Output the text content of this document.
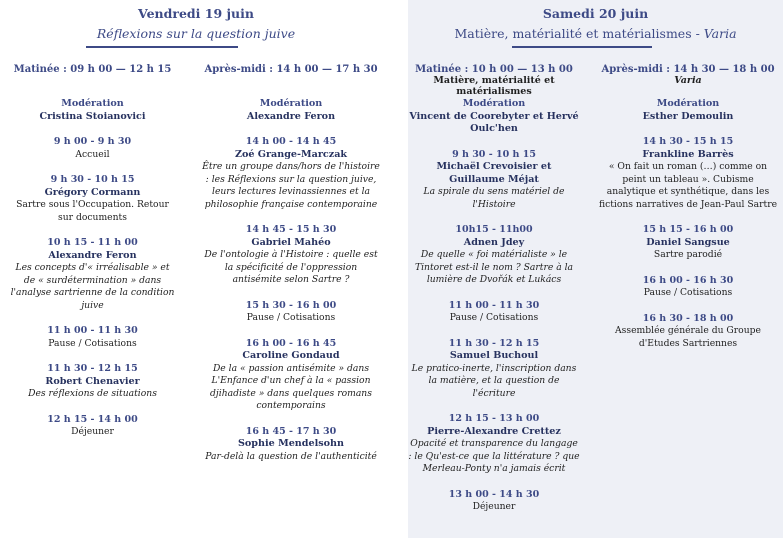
Vendredi 19 juin
Réflexions sur la question juive
Matinée : 09 h 00 — 12 h 15
Modération
Cristina Stoianovici
9 h 00 - 9 h 30
Accueil
9 h 30 - 10 h 15
Grégory Cormann
Sartre sous l'Occupation. Retour sur documents
10 h 15 - 11 h 00
Alexandre Feron
Les concepts d'« irréalisable » et de « surdétermination » dans l'analyse sartrienne de la condition juive
11 h 00 - 11 h 30
Pause / Cotisations
11 h 30 - 12 h 15
Robert Chenavier
Des réflexions de situations
12 h 15 - 14 h 00
Déjeuner
Après-midi : 14 h 00 — 17 h 30
Modération
Alexandre Feron
14 h 00 - 14 h 45
Zoé Grange-Marczak
Être un groupe dans/hors de l'histoire : les Réflexions sur la question juive, leurs lectures levinassiennes et la philosophie française contemporaine
14 h 45 - 15 h 30
Gabriel Mahéo
De l'ontologie à l'Histoire : quelle est la spécificité de l'oppression antisémite selon Sartre ?
15 h 30 - 16 h 00
Pause / Cotisations
16 h 00 - 16 h 45
Caroline Gondaud
De la « passion antisémite » dans L'Enfance d'un chef à la « passion djihadiste » dans quelques romans contemporains
16 h 45 - 17 h 30
Sophie Mendelsohn
Par-delà la question de l'authenticité
Samedi 20 juin
Matière, matérialité et matérialismes - Varia
Matinée : 10 h 00 — 13 h 00
Matière, matérialité et matérialismes
Modération
Vincent de Coorebyter et Hervé Oulc'hen
9 h 30 - 10 h 15
Michaël Crevoisier et Guillaume Méjat
La spirale du sens matériel de l'Histoire
10h15 - 11h00
Adnen Jdey
De quelle « foi matérialiste » le Tintoret est-il le nom ? Sartre à la lumière de Dvořák et Lukács
11 h 00 - 11 h 30
Pause / Cotisations
11 h 30 - 12 h 15
Samuel Buchoul
Le pratico-inerte, l'inscription dans la matière, et la question de l'écriture
12 h 15 - 13 h 00
Pierre-Alexandre Crettez
Opacité et transparence du langage : le Qu'est-ce que la littérature ? que Merleau-Ponty n'a jamais écrit
13 h 00 - 14 h 30
Déjeuner
Après-midi : 14 h 30 — 18 h 00
Varia
Modération
Esther Demoulin
14 h 30 - 15 h 15
Frankline Barrès
« On fait un roman (…) comme on peint un tableau ». Cubisme analytique et synthétique, dans les fictions narratives de Jean-Paul Sartre
15 h 15 - 16 h 00
Daniel Sangsue
Sartre parodié
16 h 00 - 16 h 30
Pause / Cotisations
16 h 30 - 18 h 00
Assemblée générale du Groupe d'Etudes Sartriennes
